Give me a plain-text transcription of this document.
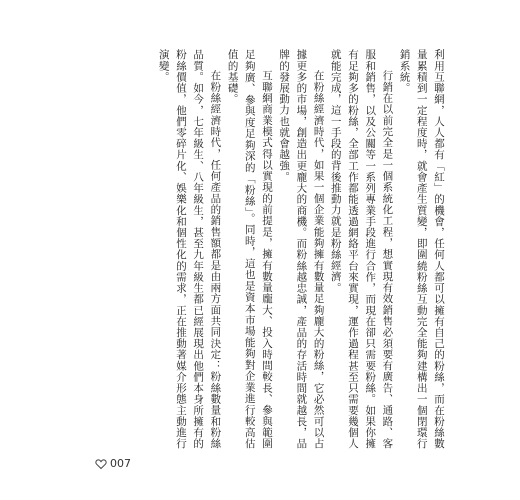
利用互聯網，人人都有「紅」的機會，任何人都可以擁有自己的粉絲，而在粉絲數量累積到一定程度時，就會產生質變，即圍繞粉絲互動完全能夠建構出一個閉環行銷系統。

行銷在以前完全是一個系統化工程，想實現有效銷售必須要有廣告、通路、客服和銷售，以及公關等一系列專業手段進行合作，而現在卻只需要粉絲。如果你擁有足夠多的粉絲，全部工作都能透過網絡平台來實現，運作過程甚至只需要幾個人就能完成，這一手段的背後推動力就是粉絲經濟。

在粉絲經濟時代，如果一個企業能夠擁有數量足夠龐大的粉絲，它必然可以占據更多的市場，創造出更龐大的商機。而粉絲越忠誠，產品的存活時間就越長，品牌的發展動力也就會越強。

互聯網商業模式得以實現的前提是，擁有數量龐大、投入時間較長、參與範圍足夠廣、參與度足夠深的「粉絲」。同時，這也是資本市場能夠對企業進行較高估值的基礎。

在粉絲經濟時代，任何產品的銷售額都是由兩方面共同決定：粉絲數量和粉絲品質。如今，七年級生、八年級生，甚至九年級生都已經展現出他們本身所擁有的粉絲價值，他們零碎片化、娛樂化和個性化的需求，正在推動著媒介形態主動進行演變。

007
